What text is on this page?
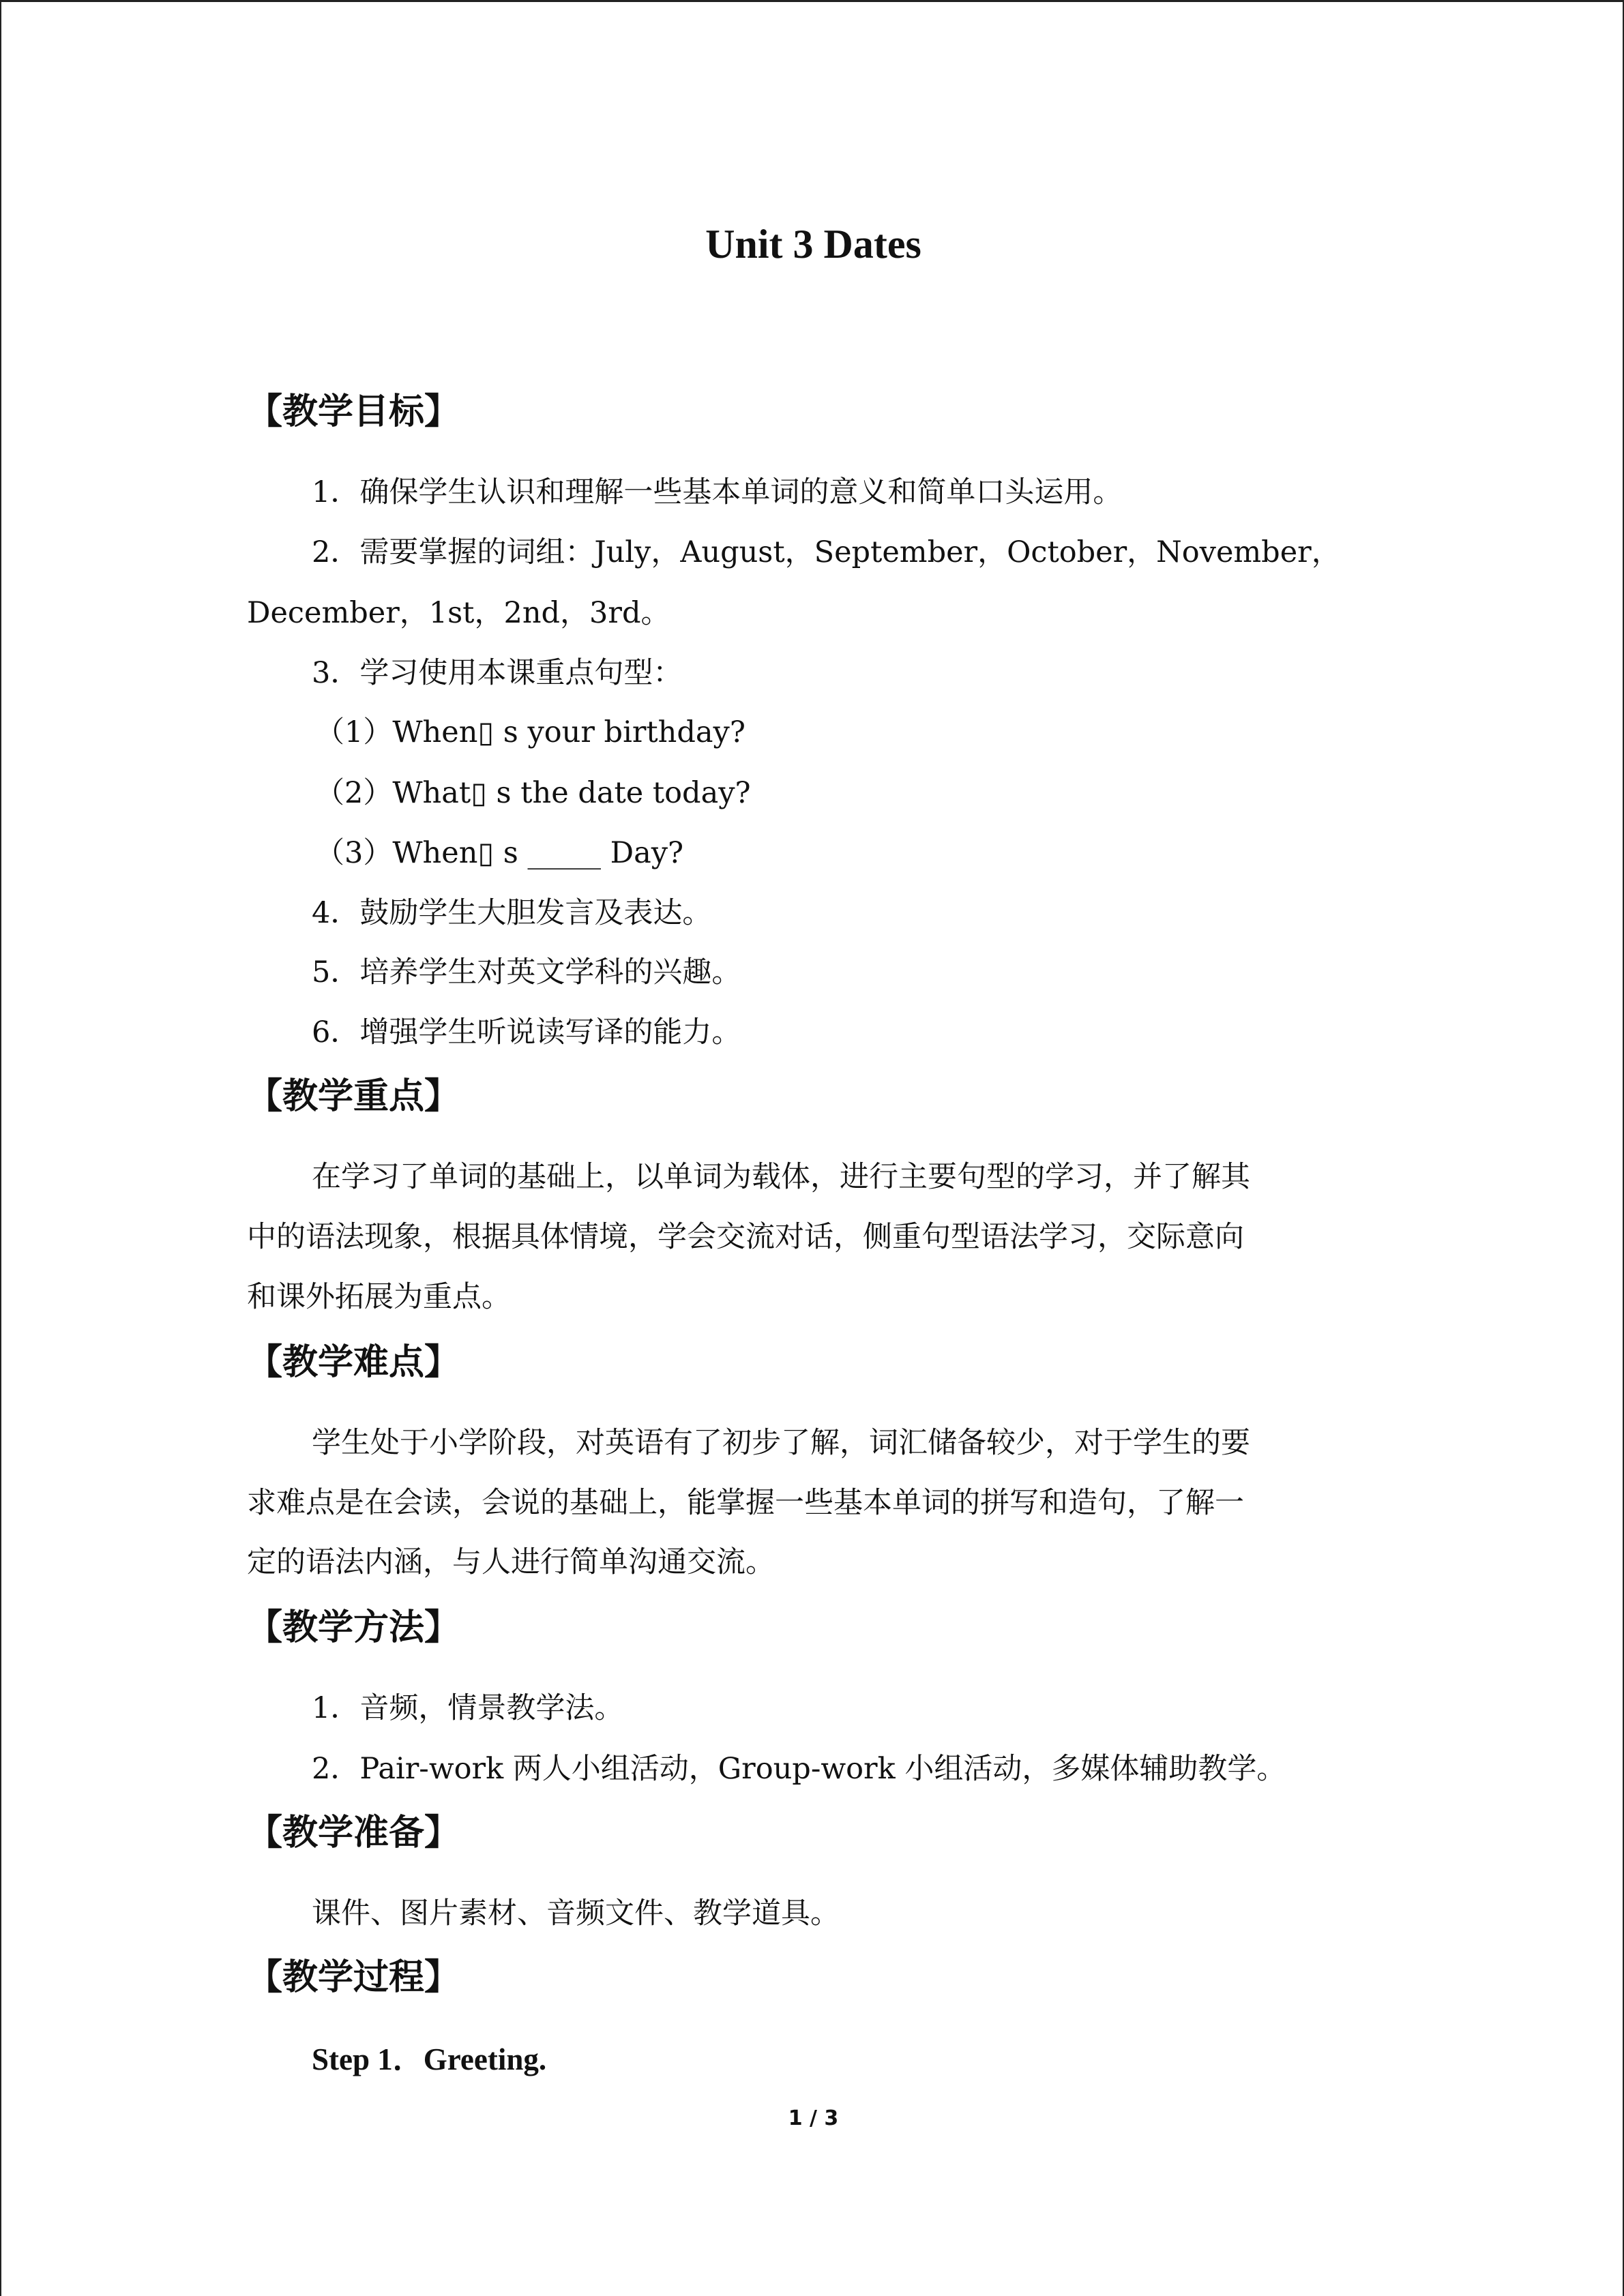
Unit 3 Dates
【教学目标】

1．确保学生认识和理解一些基本单词的意义和简单口头运用。

2．需要掌握的词组：July，August，September，October，November，

December，1st，2nd，3rd。

3．学习使用本课重点句型：

（1）When▯ s your birthday?

（2）What▯ s the date today?

（3）When▯ s _____ Day?

4．鼓励学生大胆发言及表达。

5．培养学生对英文学科的兴趣。

6．增强学生听说读写译的能力。

【教学重点】

在学习了单词的基础上，以单词为载体，进行主要句型的学习，并了解其

中的语法现象，根据具体情境，学会交流对话，侧重句型语法学习，交际意向

和课外拓展为重点。

【教学难点】

学生处于小学阶段，对英语有了初步了解，词汇储备较少，对于学生的要

求难点是在会读，会说的基础上，能掌握一些基本单词的拼写和造句，了解一

定的语法内涵，与人进行简单沟通交流。

【教学方法】

1．音频，情景教学法。

2．Pair-work 两人小组活动，Group-work 小组活动，多媒体辅助教学。

【教学准备】

课件、图片素材、音频文件、教学道具。

【教学过程】

Step 1．Greeting.

1 / 3
